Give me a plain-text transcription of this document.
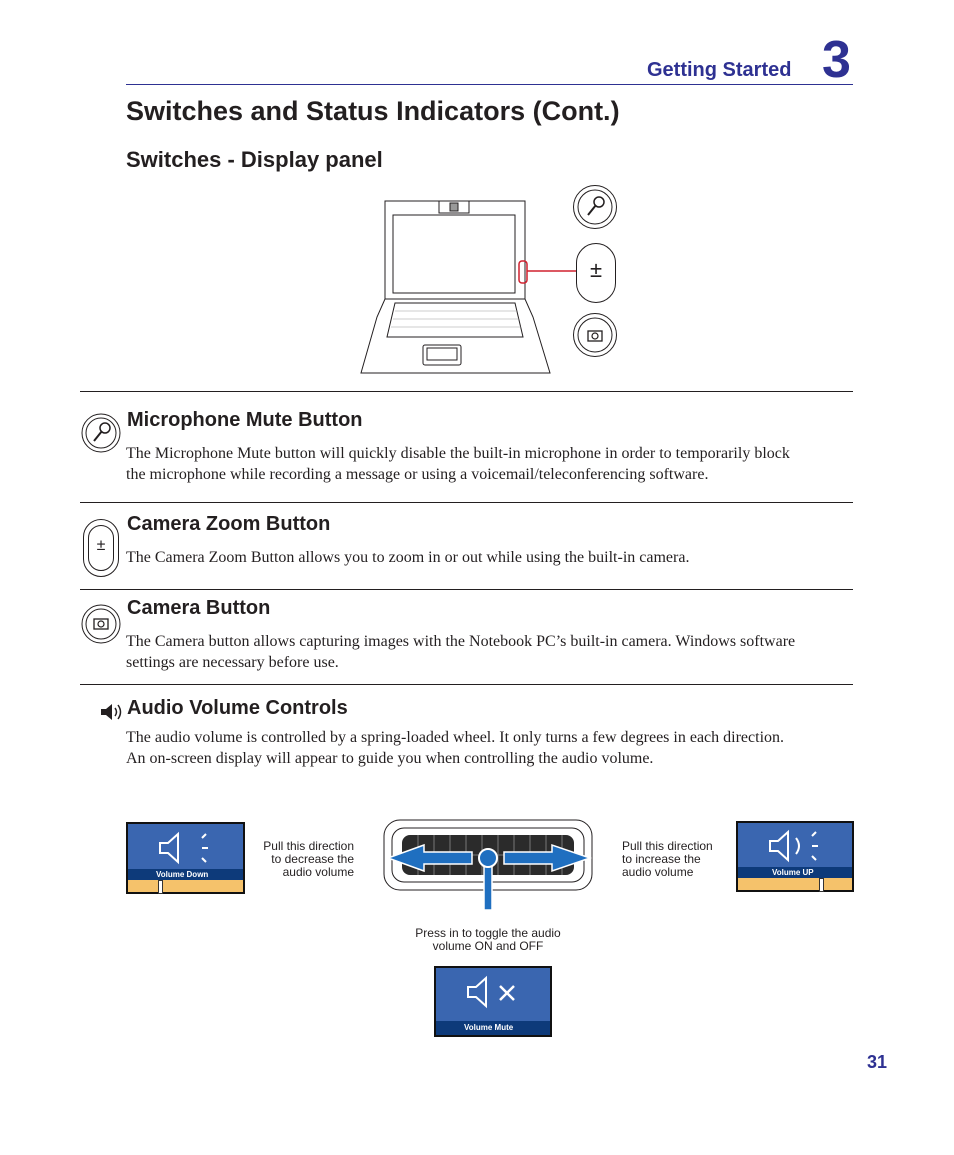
Getting Started 3
Switches and Status Indicators (Cont.)
Switches - Display panel
±
Microphone Mute Button
The Microphone Mute button will quickly disable the built-in microphone in order to temporarily block
the microphone while recording a message or using a voicemail/teleconferencing software.
±
Camera Zoom Button
The Camera Zoom Button allows you to zoom in or out while using the built-in camera.
Camera Button
The Camera button allows capturing images with the Notebook PC’s built-in camera. Windows software
settings are necessary before use.
Audio Volume Controls
The audio volume is controlled by a spring-loaded wheel. It only turns a few degrees in each direction.
An on-screen display will appear to guide you when controlling the audio volume.
Volume Down
Pull this direction
to decrease the
audio volume
Pull this direction
to increase the
audio volume	Volume UP
Press in to toggle the audio
volume ON and OFF
Volume Mute
31
